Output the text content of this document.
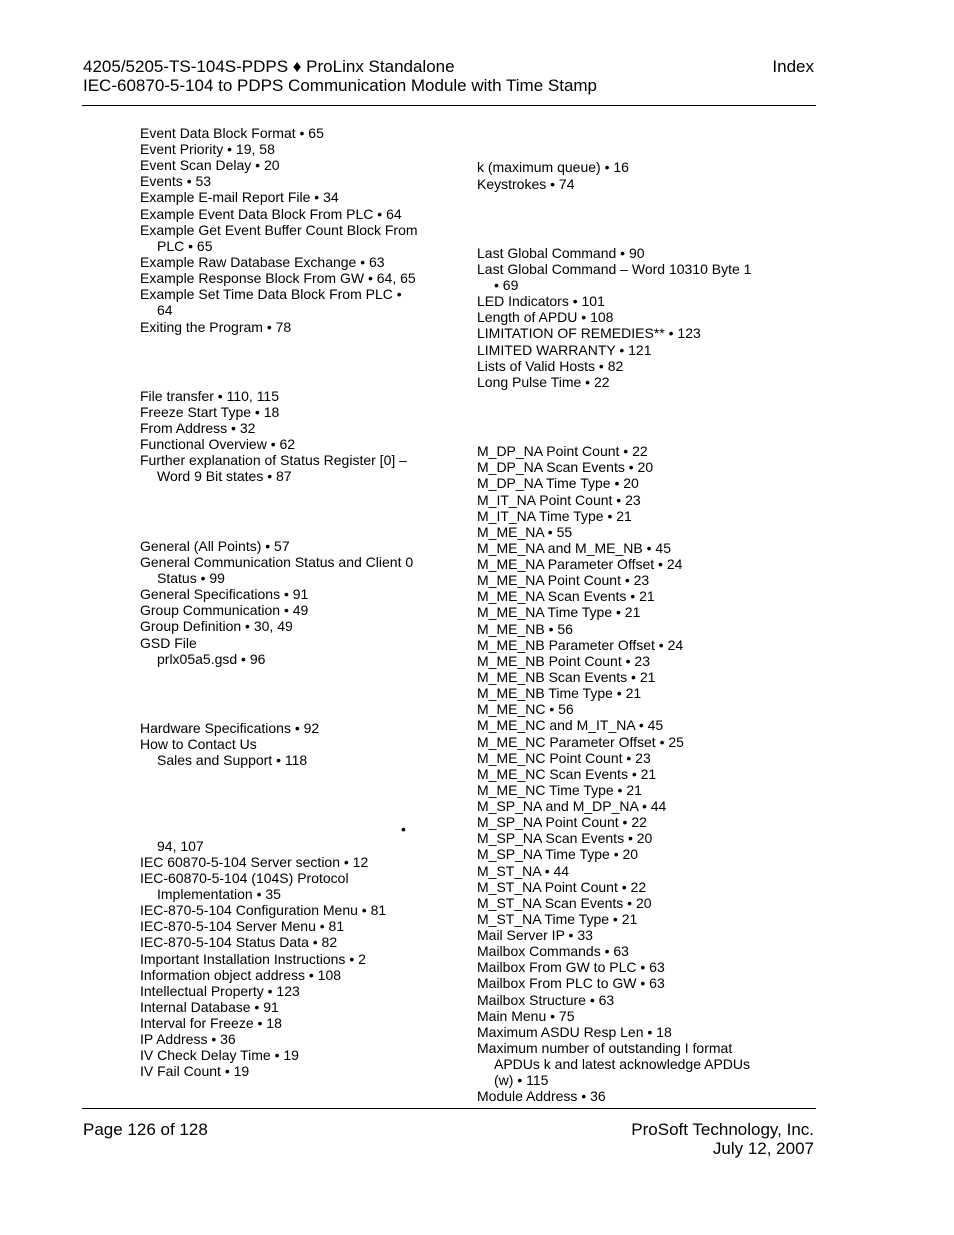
4205/5205-TS-104S-PDPS ♦ ProLinx Standalone
IEC-60870-5-104 to PDPS Communication Module with Time Stamp
Index
Event Data Block Format • 65
Event Priority • 19, 58
Event Scan Delay • 20
Events • 53
Example E-mail Report File • 34
Example Event Data Block From PLC • 64
Example Get Event Buffer Count Block From
PLC • 65
Example Raw Database Exchange • 63
Example Response Block From GW • 64, 65
Example Set Time Data Block From PLC •
64
Exiting the Program • 78
File transfer • 110, 115
Freeze Start Type • 18
From Address • 32
Functional Overview • 62
Further explanation of Status Register [0] –
Word 9 Bit states • 87
General (All Points) • 57
General Communication Status and Client 0
Status • 99
General Specifications • 91
Group Communication • 49
Group Definition • 30, 49
GSD File
prlx05a5.gsd • 96
Hardware Specifications • 92
How to Contact Us
Sales and Support • 118
•
94, 107
IEC 60870-5-104 Server section • 12
IEC-60870-5-104 (104S) Protocol
Implementation • 35
IEC-870-5-104 Configuration Menu • 81
IEC-870-5-104 Server Menu • 81
IEC-870-5-104 Status Data • 82
Important Installation Instructions • 2
Information object address • 108
Intellectual Property • 123
Internal Database • 91
Interval for Freeze • 18
IP Address • 36
IV Check Delay Time • 19
IV Fail Count • 19
k (maximum queue) • 16
Keystrokes • 74
Last Global Command • 90
Last Global Command – Word 10310 Byte 1
• 69
LED Indicators • 101
Length of APDU • 108
LIMITATION OF REMEDIES** • 123
LIMITED WARRANTY • 121
Lists of Valid Hosts • 82
Long Pulse Time • 22
M_DP_NA Point Count • 22
M_DP_NA Scan Events • 20
M_DP_NA Time Type • 20
M_IT_NA Point Count • 23
M_IT_NA Time Type • 21
M_ME_NA • 55
M_ME_NA and M_ME_NB • 45
M_ME_NA Parameter Offset • 24
M_ME_NA Point Count • 23
M_ME_NA Scan Events • 21
M_ME_NA Time Type • 21
M_ME_NB • 56
M_ME_NB Parameter Offset • 24
M_ME_NB Point Count • 23
M_ME_NB Scan Events • 21
M_ME_NB Time Type • 21
M_ME_NC • 56
M_ME_NC and M_IT_NA • 45
M_ME_NC Parameter Offset • 25
M_ME_NC Point Count • 23
M_ME_NC Scan Events • 21
M_ME_NC Time Type • 21
M_SP_NA and M_DP_NA • 44
M_SP_NA Point Count • 22
M_SP_NA Scan Events • 20
M_SP_NA Time Type • 20
M_ST_NA • 44
M_ST_NA Point Count • 22
M_ST_NA Scan Events • 20
M_ST_NA Time Type • 21
Mail Server IP • 33
Mailbox Commands • 63
Mailbox From GW to PLC • 63
Mailbox From PLC to GW • 63
Mailbox Structure • 63
Main Menu • 75
Maximum ASDU Resp Len • 18
Maximum number of outstanding I format
APDUs k and latest acknowledge APDUs
(w) • 115
Module Address • 36
Page 126 of 128	ProSoft Technology, Inc.
July 12, 2007
